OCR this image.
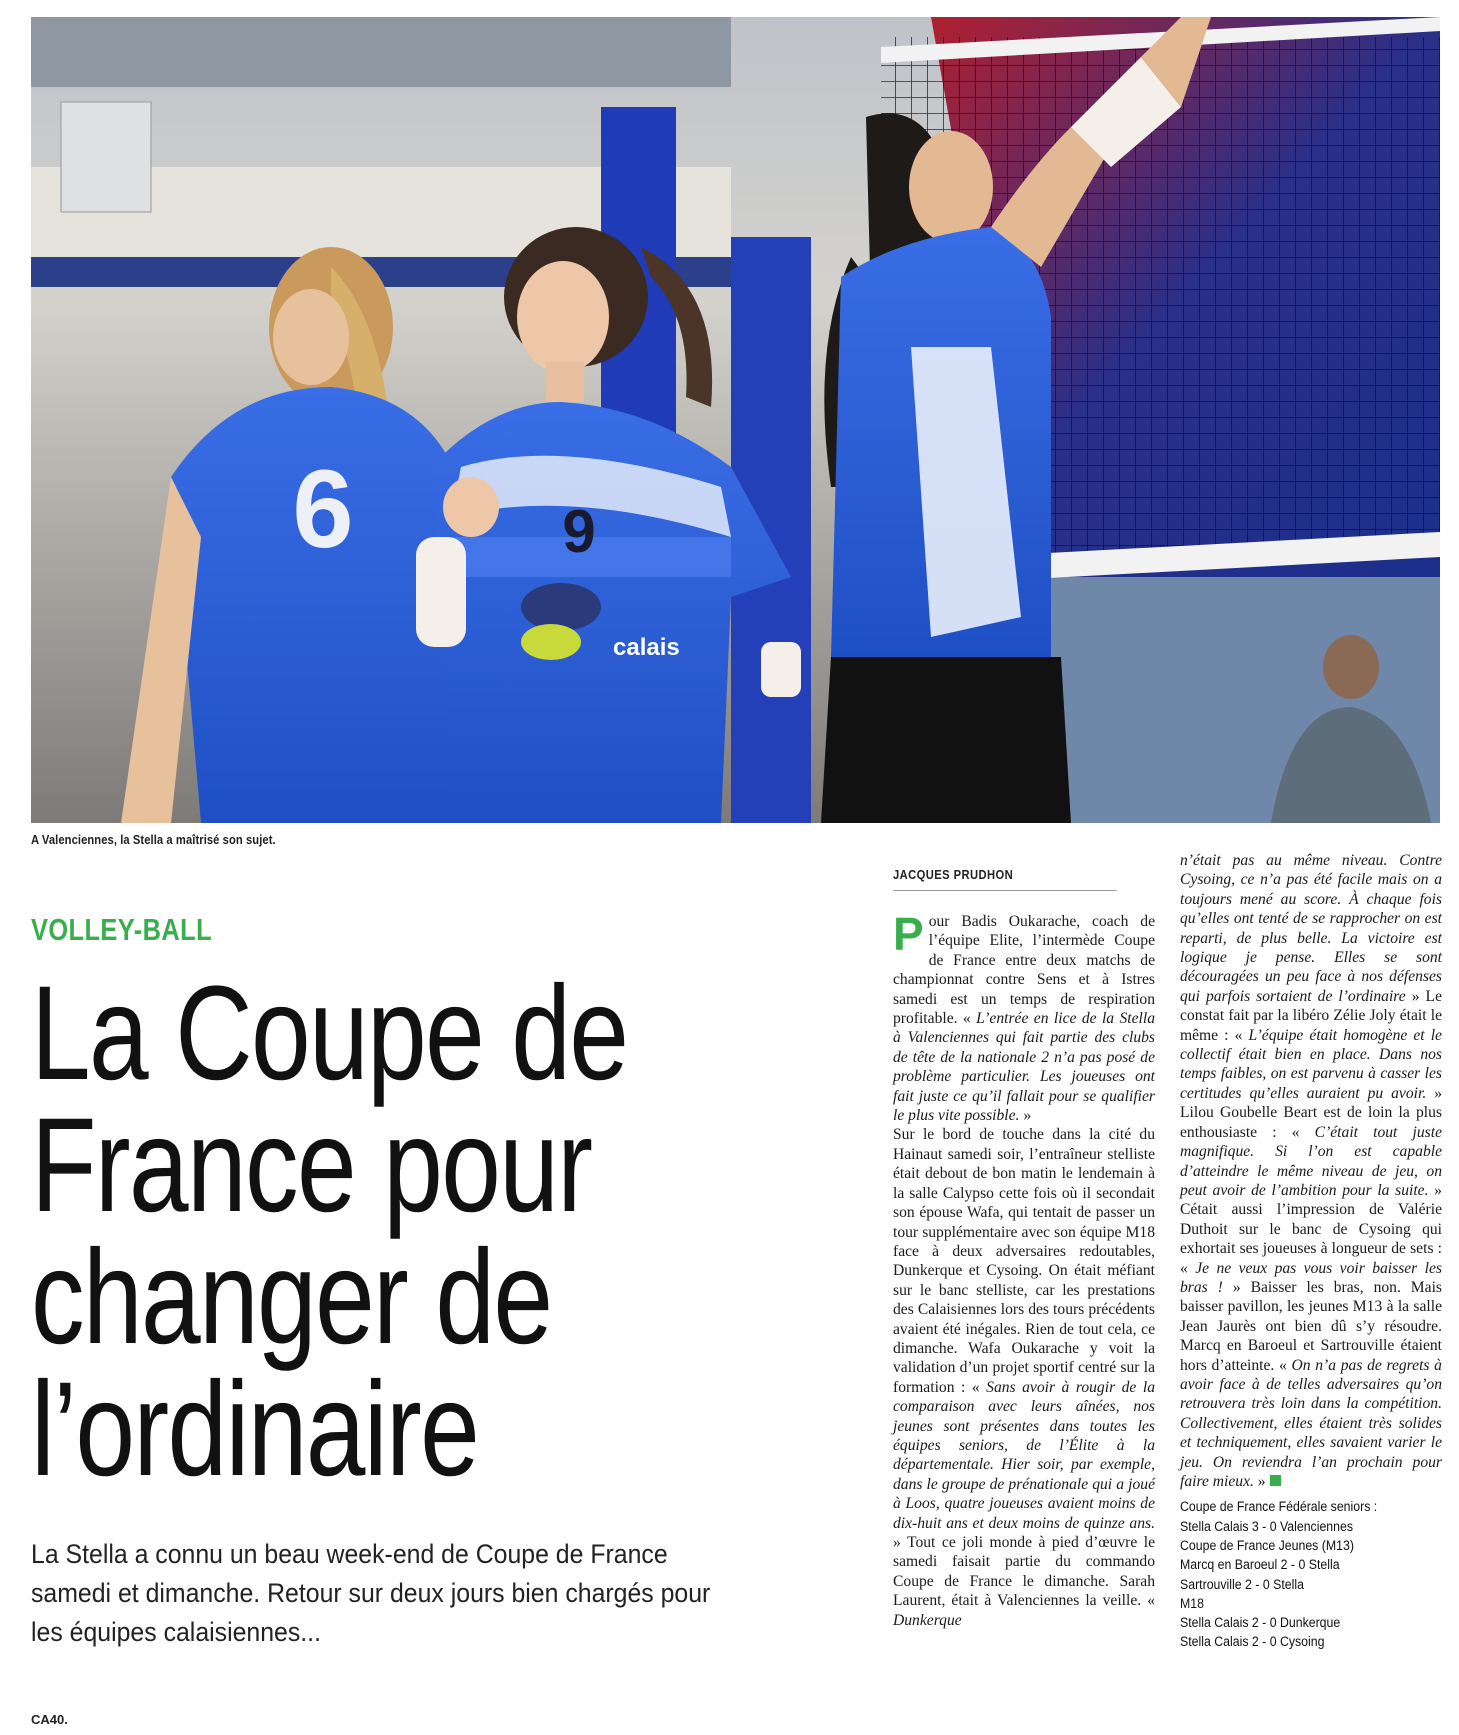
6
calais
9
A Valenciennes, la Stella a maîtrisé son sujet.
VOLLEY-BALL
La Coupe de France pour changer de l’ordinaire

La Stella a connu un beau week-end de Coupe de France samedi et dimanche. Retour sur deux jours bien chargés pour les équipes calaisiennes...

CA40.
JACQUES PRUDHON

Pour Badis Oukarache, coach de l’équipe Elite, l’intermède Coupe de France entre deux matchs de championnat contre Sens et à Istres samedi est un temps de respiration profitable. « L’entrée en lice de la Stella à Valenciennes qui fait partie des clubs de tête de la nationale 2 n’a pas posé de problème particulier. Les joueuses ont fait juste ce qu’il fallait pour se qualifier le plus vite possible. »

Sur le bord de touche dans la cité du Hainaut samedi soir, l’entraîneur stelliste était debout de bon matin le lendemain à la salle Calypso cette fois où il secondait son épouse Wafa, qui tentait de passer un tour supplémentaire avec son équipe M18 face à deux adversaires redoutables, Dunkerque et Cysoing. On était méfiant sur le banc stelliste, car les prestations des Calaisiennes lors des tours précédents avaient été inégales. Rien de tout cela, ce dimanche. Wafa Oukarache y voit la validation d’un projet sportif centré sur la formation : « Sans avoir à rougir de la comparaison avec leurs aînées, nos jeunes sont présentes dans toutes les équipes seniors, de l’Élite à la départementale. Hier soir, par exemple, dans le groupe de prénationale qui a joué à Loos, quatre joueuses avaient moins de dix-huit ans et deux moins de quinze ans. » Tout ce joli monde à pied d’œuvre le samedi faisait partie du commando Coupe de France le dimanche. Sarah Laurent, était à Valenciennes la veille. « Dunkerque

n’était pas au même niveau. Contre Cysoing, ce n’a pas été facile mais on a toujours mené au score. À chaque fois qu’elles ont tenté de se rapprocher on est reparti, de plus belle. La victoire est logique je pense. Elles se sont découragées un peu face à nos défenses qui parfois sortaient de l’ordinaire » Le constat fait par la libéro Zélie Joly était le même : « L’équipe était homogène et le collectif était bien en place. Dans nos temps faibles, on est parvenu à casser les certitudes qu’elles auraient pu avoir. » Lilou Goubelle Beart est de loin la plus enthousiaste : « C’était tout juste magnifique. Si l’on est capable d’atteindre le même niveau de jeu, on peut avoir de l’ambition pour la suite. » Cétait aussi l’impression de Valérie Duthoit sur le banc de Cysoing qui exhortait ses joueuses à longueur de sets : « Je ne veux pas vous voir baisser les bras ! » Baisser les bras, non. Mais baisser pavillon, les jeunes M13 à la salle Jean Jaurès ont bien dû s’y résoudre. Marcq en Baroeul et Sartrouville étaient hors d’atteinte. « On n’a pas de regrets à avoir face à de telles adversaires qu’on retrouvera très loin dans la compétition. Collectivement, elles étaient très solides et techniquement, elles savaient varier le jeu. On reviendra l’an prochain pour faire mieux. »

Coupe de France Fédérale seniors :
Stella Calais 3 - 0 Valenciennes
Coupe de France Jeunes (M13)
Marcq en Baroeul 2 - 0 Stella
Sartrouville 2 - 0 Stella
M18
Stella Calais 2 - 0 Dunkerque
Stella Calais 2 - 0 Cysoing
